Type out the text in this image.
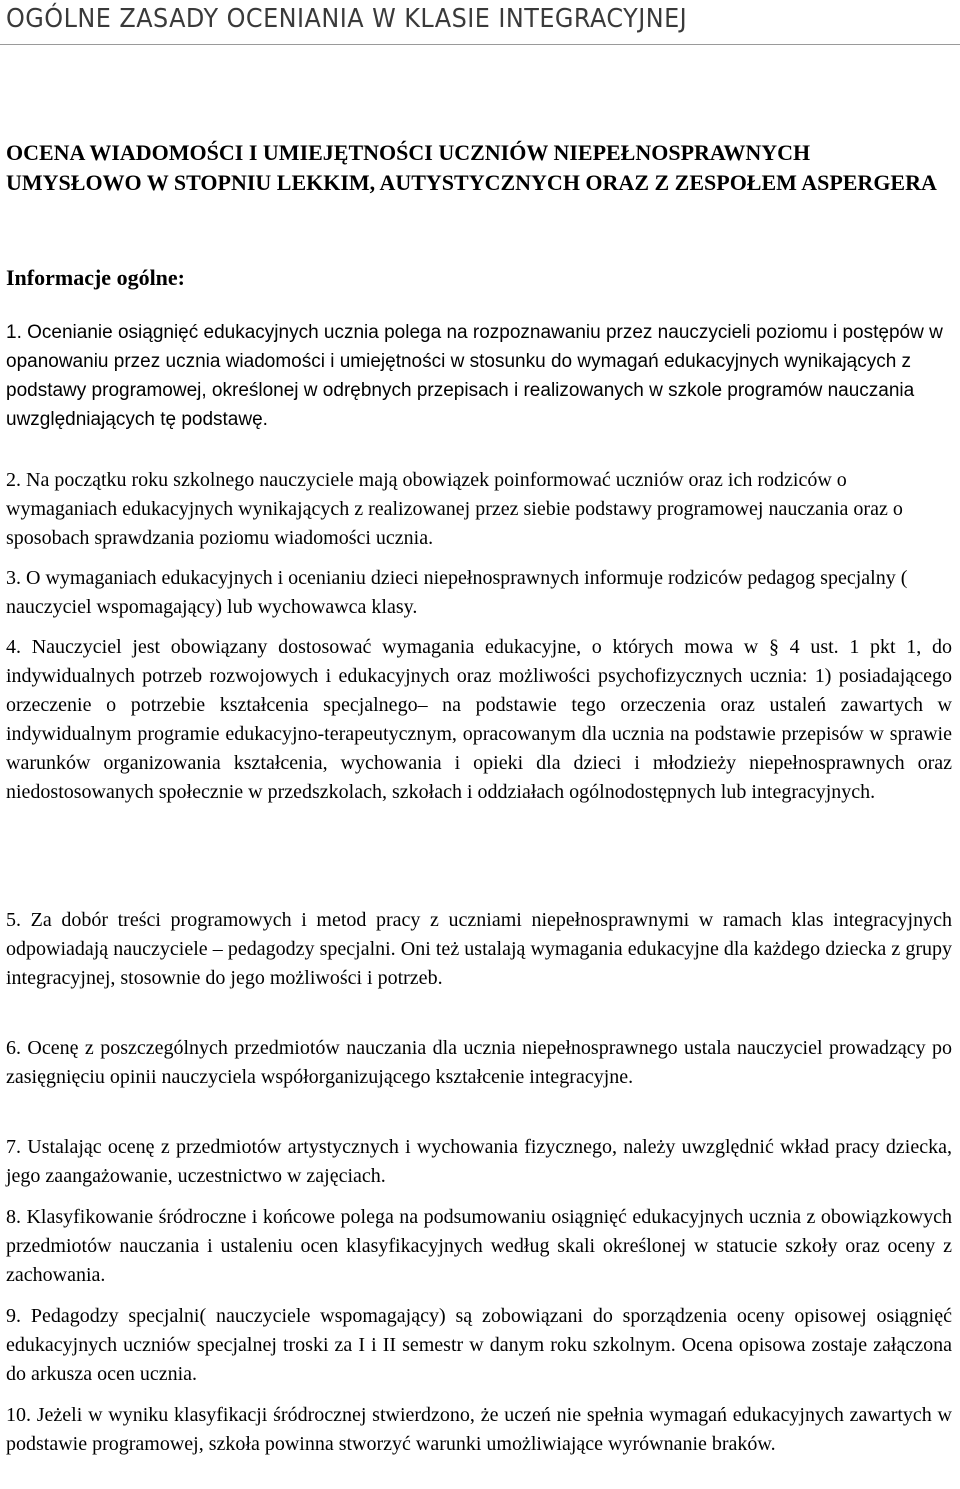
OGÓLNE ZASADY OCENIANIA W KLASIE INTEGRACYJNEJ
OCENA WIADOMOŚCI I UMIEJĘTNOŚCI UCZNIÓW NIEPEŁNOSPRAWNYCH UMYSŁOWO W STOPNIU LEKKIM, AUTYSTYCZNYCH ORAZ Z ZESPOŁEM ASPERGERA
Informacje ogólne:
1. Ocenianie osiągnięć edukacyjnych ucznia polega na rozpoznawaniu przez nauczycieli poziomu i postępów w opanowaniu przez ucznia wiadomości i umiejętności w stosunku do wymagań edukacyjnych wynikających z podstawy programowej, określonej w odrębnych przepisach i realizowanych w szkole programów nauczania uwzględniających tę podstawę.
2. Na początku roku szkolnego nauczyciele mają obowiązek poinformować uczniów oraz ich rodziców o wymaganiach edukacyjnych wynikających z realizowanej przez siebie podstawy programowej nauczania oraz o sposobach sprawdzania poziomu wiadomości ucznia.
3. O wymaganiach edukacyjnych i ocenianiu dzieci niepełnosprawnych informuje rodziców pedagog specjalny ( nauczyciel wspomagający) lub wychowawca klasy.
4. Nauczyciel jest obowiązany dostosować wymagania edukacyjne, o których mowa w § 4 ust. 1 pkt 1, do indywidualnych potrzeb rozwojowych i edukacyjnych oraz możliwości psychofizycznych ucznia: 1) posiadającego orzeczenie o potrzebie kształcenia specjalnego– na podstawie tego orzeczenia oraz ustaleń zawartych w indywidualnym programie edukacyjno-terapeutycznym, opracowanym dla ucznia na podstawie przepisów w sprawie warunków organizowania kształcenia, wychowania i opieki dla dzieci i młodzieży niepełnosprawnych oraz niedostosowanych społecznie w przedszkolach, szkołach i oddziałach ogólnodostępnych lub integracyjnych.
5. Za dobór treści programowych i metod pracy z uczniami niepełnosprawnymi w ramach klas integracyjnych odpowiadają nauczyciele – pedagodzy specjalni. Oni też ustalają wymagania edukacyjne dla każdego dziecka z grupy integracyjnej, stosownie do jego możliwości i potrzeb.
6. Ocenę z poszczególnych przedmiotów nauczania dla ucznia niepełnosprawnego ustala nauczyciel prowadzący po zasięgnięciu opinii nauczyciela współorganizującego kształcenie integracyjne.
7. Ustalając ocenę z przedmiotów artystycznych i wychowania fizycznego, należy uwzględnić wkład pracy dziecka, jego zaangażowanie, uczestnictwo w zajęciach.
8. Klasyfikowanie śródroczne i końcowe polega na podsumowaniu osiągnięć edukacyjnych ucznia z obowiązkowych przedmiotów nauczania i ustaleniu ocen klasyfikacyjnych według skali określonej w statucie szkoły oraz oceny z zachowania.
9. Pedagodzy specjalni( nauczyciele wspomagający) są zobowiązani do sporządzenia oceny opisowej osiągnięć edukacyjnych uczniów specjalnej troski za I i II semestr w danym roku szkolnym. Ocena opisowa zostaje załączona do arkusza ocen ucznia.
10. Jeżeli w wyniku klasyfikacji śródrocznej stwierdzono, że uczeń nie spełnia wymagań edukacyjnych zawartych w podstawie programowej, szkoła powinna stworzyć warunki umożliwiające wyrównanie braków.
